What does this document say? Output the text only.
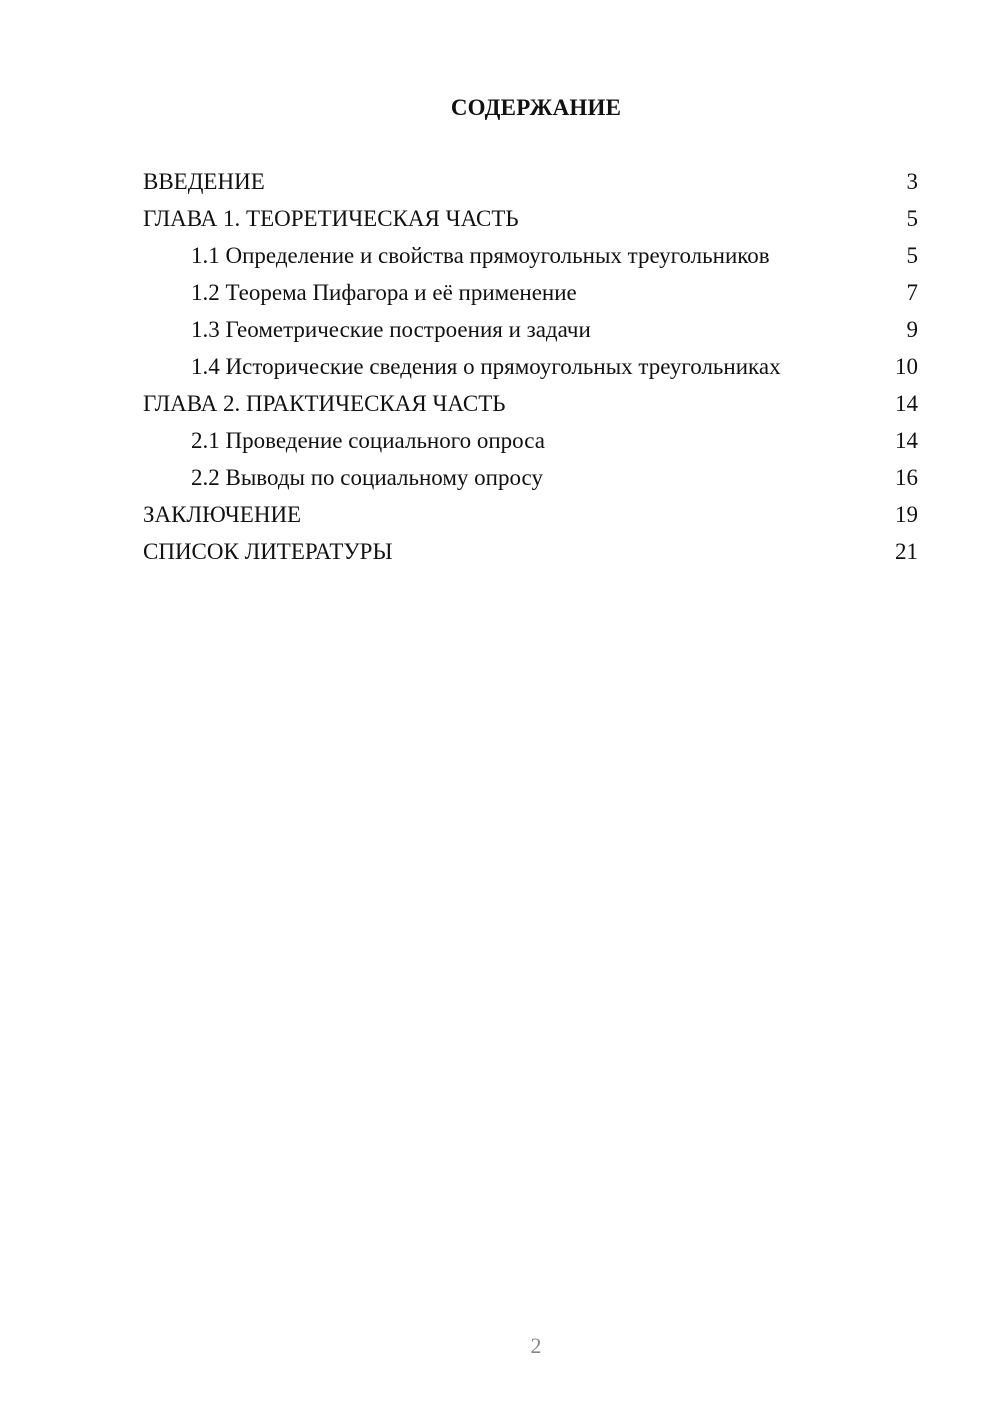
СОДЕРЖАНИЕ
ВВЕДЕНИЕ	3
ГЛАВА 1. ТЕОРЕТИЧЕСКАЯ ЧАСТЬ	5
1.1 Определение и свойства прямоугольных треугольников	5
1.2 Теорема Пифагора и её применение	7
1.3 Геометрические построения и задачи	9
1.4 Исторические сведения о прямоугольных треугольниках	10
ГЛАВА 2. ПРАКТИЧЕСКАЯ ЧАСТЬ	14
2.1 Проведение социального опроса	14
2.2 Выводы по социальному опросу	16
ЗАКЛЮЧЕНИЕ	19
СПИСОК ЛИТЕРАТУРЫ	21
2
